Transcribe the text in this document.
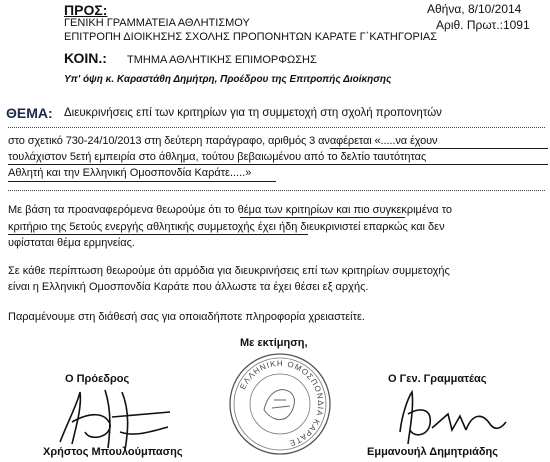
ΠΡΟΣ:
ΓΕΝΙΚΗ ΓΡΑΜΜΑΤΕΙΑ ΑΘΛΗΤΙΣΜΟΥ
ΕΠΙΤΡΟΠΗ ΔΙΟΙΚΗΣΗΣ ΣΧΟΛΗΣ ΠΡΟΠΟΝΗΤΩΝ ΚΑΡΑΤΕ Γ΄ΚΑΤΗΓΟΡΙΑΣ
Αθήνα, 8/10/2014
Αριθ. Πρωτ.:1091
ΚΟΙΝ.: ΤΜΗΜΑ ΑΘΛΗΤΙΚΗΣ ΕΠΙΜΟΡΦΩΣΗΣ
Υπ' όψη κ. Καραστάθη Δημήτρη, Προέδρου της Επιτροπής Διοίκησης
ΘΕΜΑ: Διευκρινήσεις επί των κριτηρίων για τη συμμετοχή στη σχολή προπονητών
στο σχετικό 730-24/10/2013 στη δεύτερη παράγραφο, αριθμός 3 αναφέρεται «.....να έχουν
τουλάχιστον 5ετή εμπειρία στο άθλημα, τούτου βεβαιωμένου από το δελτίο ταυτότητας
Αθλητή και την Ελληνική Ομοσπονδία Καράτε.....»
Με βάση τα προαναφερόμενα θεωρούμε ότι το θέμα των κριτηρίων και πιο συγκεκριμένα το
κριτήριο της 5ετούς ενεργής αθλητικής συμμετοχής έχει ήδη διευκρινιστεί επαρκώς και δεν
υφίσταται θέμα ερμηνείας.
Σε κάθε περίπτωση θεωρούμε ότι αρμόδια για διευκρινήσεις επί των κριτηρίων συμμετοχής
είναι η Ελληνική Ομοσπονδία Καράτε που άλλωστε τα έχει θέσει εξ αρχής.
Παραμένουμε στη διάθεσή σας για οποιαδήποτε πληροφορία χρειαστείτε.
Με εκτίμηση,
Ο Πρόεδρος
Χρήστος Μπουλούμπασης
Ο Γεν. Γραμματέας
Εμμανουήλ Δημητριάδης
ΕΛΛΗΝΙΚΗ ΟΜΟΣΠΟΝΔΙΑ ΚΑΡΑΤΕ
